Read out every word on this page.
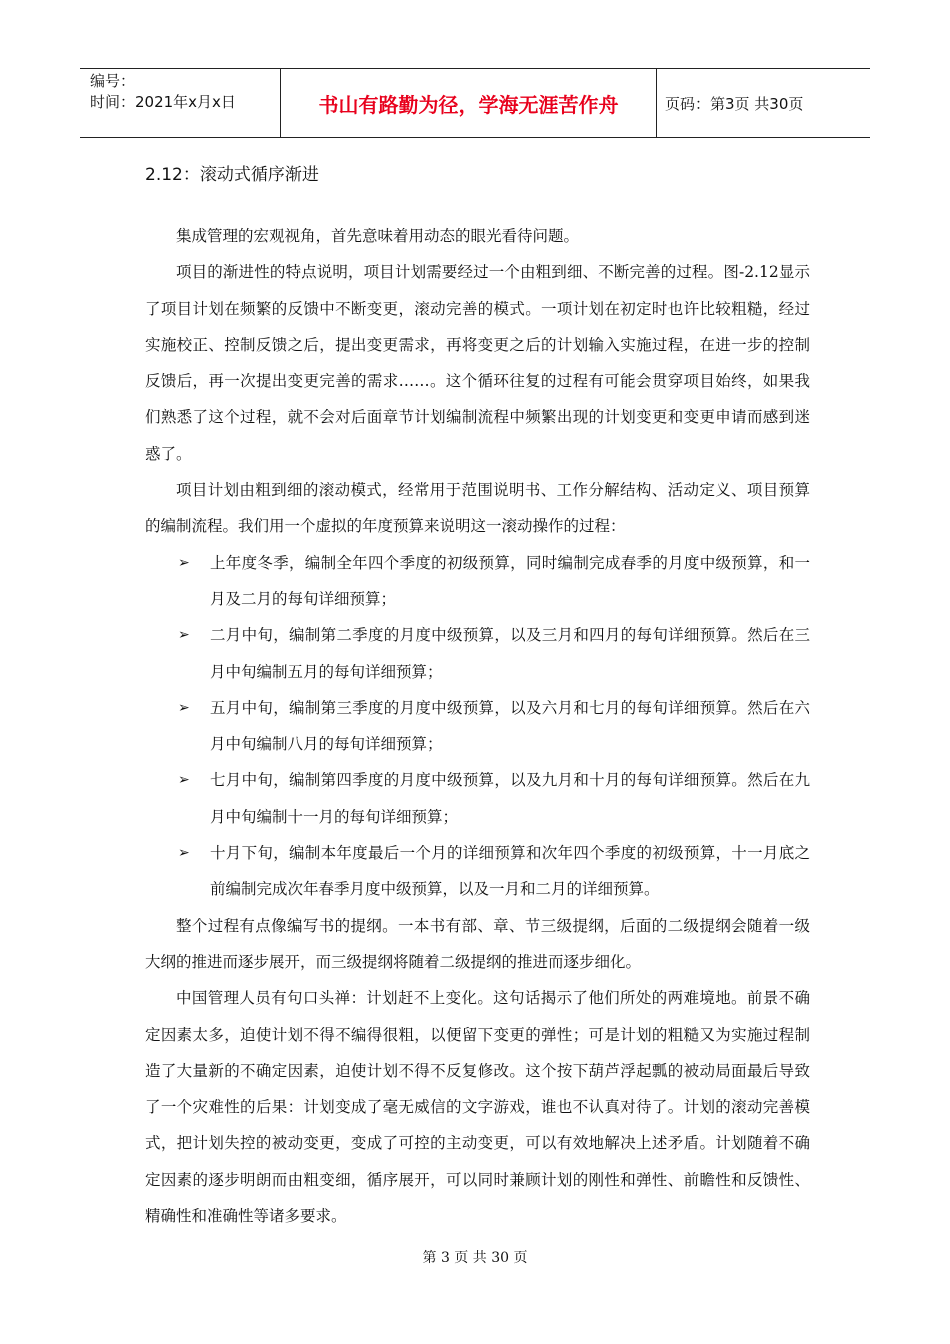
编号：
时间：2021年x月x日	书山有路勤为径，学海无涯苦作舟	页码：第3页 共30页
2.12：滚动式循序渐进

集成管理的宏观视角，首先意味着用动态的眼光看待问题。

项目的渐进性的特点说明，项目计划需要经过一个由粗到细、不断完善的过程。图-2.12显示了项目计划在频繁的反馈中不断变更，滚动完善的模式。一项计划在初定时也许比较粗糙，经过实施校正、控制反馈之后，提出变更需求，再将变更之后的计划输入实施过程，在进一步的控制反馈后，再一次提出变更完善的需求……。这个循环往复的过程有可能会贯穿项目始终，如果我们熟悉了这个过程，就不会对后面章节计划编制流程中频繁出现的计划变更和变更申请而感到迷惑了。

项目计划由粗到细的滚动模式，经常用于范围说明书、工作分解结构、活动定义、项目预算的编制流程。我们用一个虚拟的年度预算来说明这一滚动操作的过程：

➢ 上年度冬季，编制全年四个季度的初级预算，同时编制完成春季的月度中级预算，和一月及二月的每旬详细预算；
➢ 二月中旬，编制第二季度的月度中级预算，以及三月和四月的每旬详细预算。然后在三月中旬编制五月的每旬详细预算；
➢ 五月中旬，编制第三季度的月度中级预算，以及六月和七月的每旬详细预算。然后在六月中旬编制八月的每旬详细预算；
➢ 七月中旬，编制第四季度的月度中级预算，以及九月和十月的每旬详细预算。然后在九月中旬编制十一月的每旬详细预算；
➢ 十月下旬，编制本年度最后一个月的详细预算和次年四个季度的初级预算，十一月底之前编制完成次年春季月度中级预算，以及一月和二月的详细预算。

整个过程有点像编写书的提纲。一本书有部、章、节三级提纲，后面的二级提纲会随着一级大纲的推进而逐步展开，而三级提纲将随着二级提纲的推进而逐步细化。

中国管理人员有句口头禅：计划赶不上变化。这句话揭示了他们所处的两难境地。前景不确定因素太多，迫使计划不得不编得很粗，以便留下变更的弹性；可是计划的粗糙又为实施过程制造了大量新的不确定因素，迫使计划不得不反复修改。这个按下葫芦浮起瓢的被动局面最后导致了一个灾难性的后果：计划变成了毫无威信的文字游戏，谁也不认真对待了。计划的滚动完善模式，把计划失控的被动变更，变成了可控的主动变更，可以有效地解决上述矛盾。计划随着不确定因素的逐步明朗而由粗变细，循序展开，可以同时兼顾计划的刚性和弹性、前瞻性和反馈性、精确性和准确性等诸多要求。

第 3 页 共 30 页
